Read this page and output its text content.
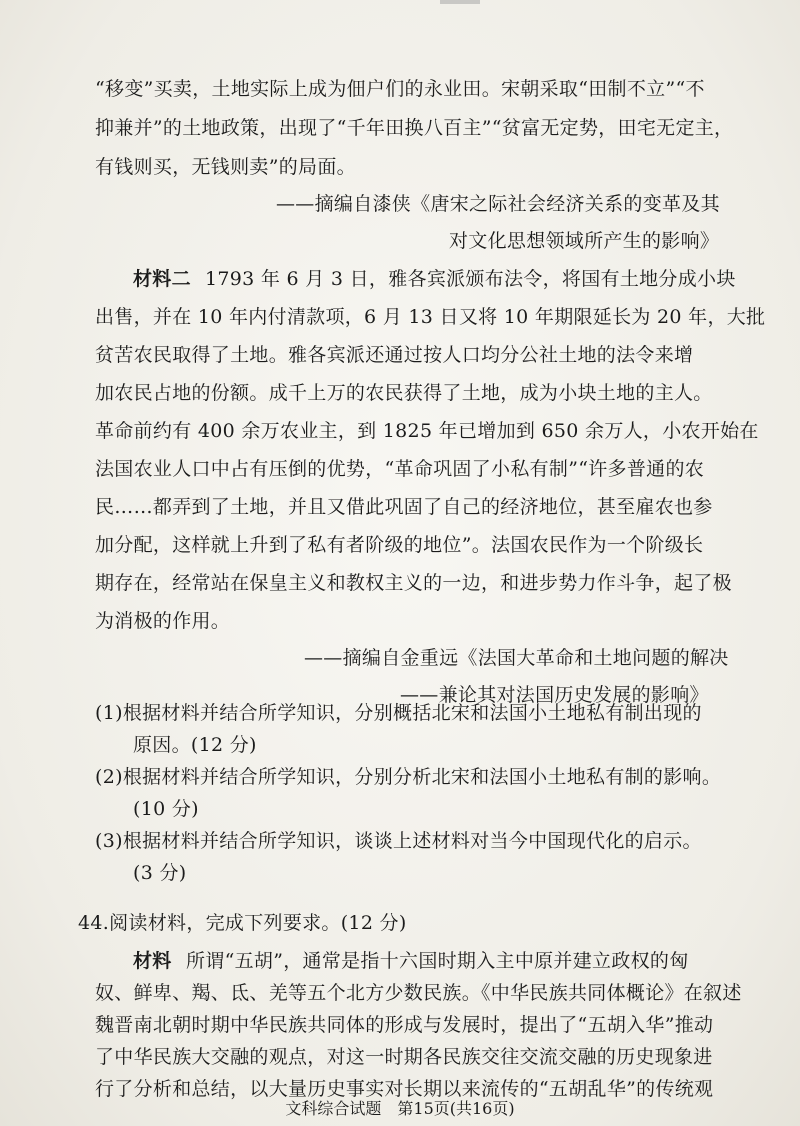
“移变”买卖，土地实际上成为佃户们的永业田。宋朝采取“田制不立”“不
抑兼并”的土地政策，出现了“千年田换八百主”“贫富无定势，田宅无定主，
有钱则买，无钱则卖”的局面。
——摘编自漆侠《唐宋之际社会经济关系的变革及其
对文化思想领域所产生的影响》
材料二 1793 年 6 月 3 日，雅各宾派颁布法令，将国有土地分成小块
出售，并在 10 年内付清款项，6 月 13 日又将 10 年期限延长为 20 年，大批
贫苦农民取得了土地。雅各宾派还通过按人口均分公社土地的法令来增
加农民占地的份额。成千上万的农民获得了土地，成为小块土地的主人。
革命前约有 400 余万农业主，到 1825 年已增加到 650 余万人，小农开始在
法国农业人口中占有压倒的优势，“革命巩固了小私有制”“许多普通的农
民……都弄到了土地，并且又借此巩固了自己的经济地位，甚至雇农也参
加分配，这样就上升到了私有者阶级的地位”。法国农民作为一个阶级长
期存在，经常站在保皇主义和教权主义的一边，和进步势力作斗争，起了极
为消极的作用。
——摘编自金重远《法国大革命和土地问题的解决
——兼论其对法国历史发展的影响》
(1)根据材料并结合所学知识，分别概括北宋和法国小土地私有制出现的
原因。(12 分)
(2)根据材料并结合所学知识，分别分析北宋和法国小土地私有制的影响。
(10 分)
(3)根据材料并结合所学知识，谈谈上述材料对当今中国现代化的启示。
(3 分)
44.阅读材料，完成下列要求。(12 分)
材料 所谓“五胡”，通常是指十六国时期入主中原并建立政权的匈
奴、鲜卑、羯、氐、羌等五个北方少数民族。《中华民族共同体概论》在叙述
文科综合试题　第15页(共16页)
魏晋南北朝时期中华民族共同体的形成与发展时，提出了“五胡入华”推动
了中华民族大交融的观点，对这一时期各民族交往交流交融的历史现象进
行了分析和总结，以大量历史事实对长期以来流传的“五胡乱华”的传统观
